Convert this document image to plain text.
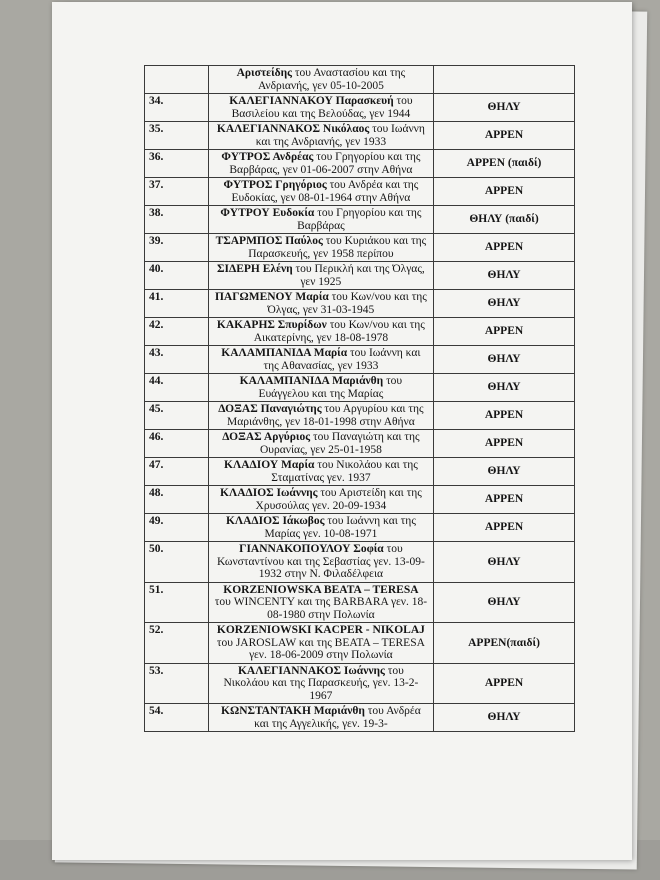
	Αριστείδης του Αναστασίου και της Ανδριανής, γεν 05-10-2005	
34.	ΚΑΛΕΓΙΑΝΝΑΚΟΥ Παρασκευή του Βασιλείου και της Βελούδας, γεν 1944	ΘΗΛΥ
35.	ΚΑΛΕΓΙΑΝΝΑΚΟΣ Νικόλαος του Ιωάννη και της Ανδριανής, γεν 1933	ΑΡΡΕΝ
36.	ΦΥΤΡΟΣ Ανδρέας του Γρηγορίου και της Βαρβάρας, γεν 01-06-2007 στην Αθήνα	ΑΡΡΕΝ (παιδί)
37.	ΦΥΤΡΟΣ Γρηγόριος του Ανδρέα και της Ευδοκίας, γεν 08-01-1964 στην Αθήνα	ΑΡΡΕΝ
38.	ΦΥΤΡΟΥ Ευδοκία του Γρηγορίου και της Βαρβάρας	ΘΗΛΥ (παιδί)
39.	ΤΣΑΡΜΠΟΣ Παύλος του Κυριάκου και της Παρασκευής, γεν 1958 περίπου	ΑΡΡΕΝ
40.	ΣΙΔΕΡΗ Ελένη του Περικλή και της Όλγας, γεν 1925	ΘΗΛΥ
41.	ΠΑΓΩΜΕΝΟΥ Μαρία του Κων/νου και της Όλγας, γεν 31-03-1945	ΘΗΛΥ
42.	ΚΑΚΑΡΗΣ Σπυρίδων του Κων/νου και της Αικατερίνης, γεν 18-08-1978	ΑΡΡΕΝ
43.	ΚΑΛΑΜΠΑΝΙΔΑ Μαρία του Ιωάννη και της Αθανασίας, γεν 1933	ΘΗΛΥ
44.	ΚΑΛΑΜΠΑΝΙΔΑ Μαριάνθη του Ευάγγελου και της Μαρίας	ΘΗΛΥ
45.	ΔΟΞΑΣ Παναγιώτης του Αργυρίου και της Μαριάνθης, γεν 18-01-1998 στην Αθήνα	ΑΡΡΕΝ
46.	ΔΟΞΑΣ Αργύριος του Παναγιώτη και της Ουρανίας, γεν 25-01-1958	ΑΡΡΕΝ
47.	ΚΛΑΔΙΟΥ Μαρία του Νικολάου και της Σταματίνας γεν. 1937	ΘΗΛΥ
48.	ΚΛΑΔΙΟΣ Ιωάννης του Αριστείδη και της Χρυσούλας γεν. 20-09-1934	ΑΡΡΕΝ
49.	ΚΛΑΔΙΟΣ Ιάκωβος του Ιωάννη και της Μαρίας γεν. 10-08-1971	ΑΡΡΕΝ
50.	ΓΙΑΝΝΑΚΟΠΟΥΛΟΥ Σοφία του Κωνσταντίνου και της Σεβαστίας γεν. 13-09-1932 στην Ν. Φιλαδέλφεια	ΘΗΛΥ
51.	KORZENIOWSKA BEATA – TERESA του WINCENTY και της BARBARA γεν. 18-08-1980 στην Πολωνία	ΘΗΛΥ
52.	KORZENIOWSKI KACPER - NIKOLAJ του JAROSLAW και της BEATA – TERESA γεν. 18-06-2009 στην Πολωνία	ΑΡΡΕΝ(παιδί)
53.	ΚΑΛΕΓΙΑΝΝΑΚΟΣ Ιωάννης του Νικολάου και της Παρασκευής, γεν. 13-2-1967	ΑΡΡΕΝ
54.	ΚΩΝΣΤΑΝΤΑΚΗ Μαριάνθη του Ανδρέα και της Αγγελικής, γεν. 19-3-	ΘΗΛΥ
